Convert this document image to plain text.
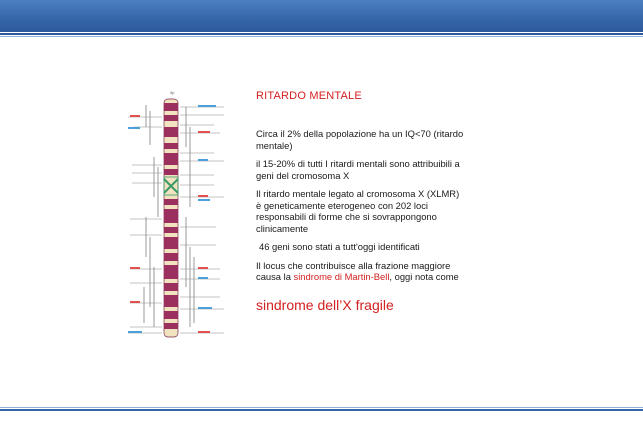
Xp	RITARDO MENTALE
Circa il 2% della popolazione ha un IQ<70 (ritardo mentale)
il 15-20% di tutti I ritardi mentali sono attribuibili a geni del cromosoma X
Il ritardo mentale legato al cromosoma X (XLMR) è geneticamente eterogeneo con 202 loci responsabili di forme che si sovrappongono clinicamente
46 geni sono stati a tutt'oggi identificati
Il locus che contribuisce alla frazione maggiore causa la sindrome di Martin-Bell, oggi nota come
sindrome dell’X fragile
